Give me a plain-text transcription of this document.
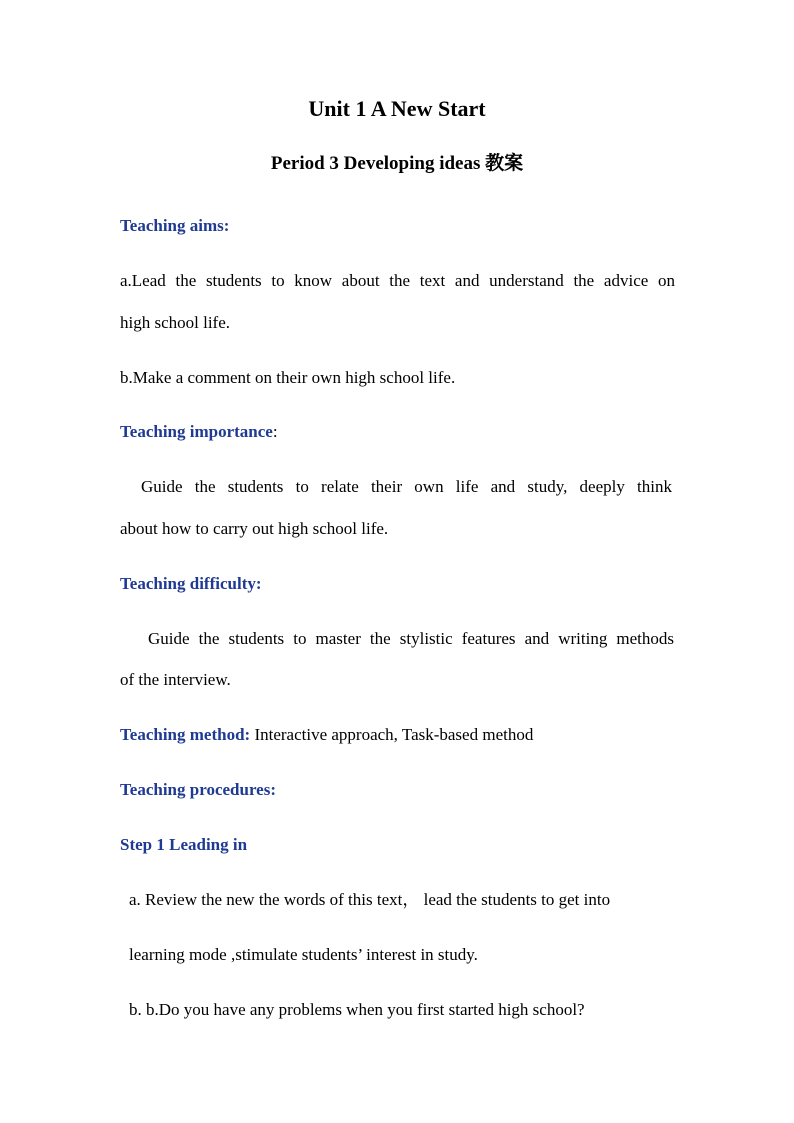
Unit 1 A New Start
Period 3 Developing ideas 教案
Teaching aims:
a.Lead the students to know about the text and understand the advice on
high school life.
b.Make a comment on their own high school life.
Teaching importance:
Guide the students to relate their own life and study, deeply think
about how to carry out high school life.
Teaching difficulty:
Guide the students to master the stylistic features and writing methods
of the interview.
Teaching method: Interactive approach, Task-based method
Teaching procedures:
Step 1 Leading in
a. Review the new the words of this text， lead the students to get into
learning mode ,stimulate students’ interest in study.
b. b.Do you have any problems when you first started high school?
